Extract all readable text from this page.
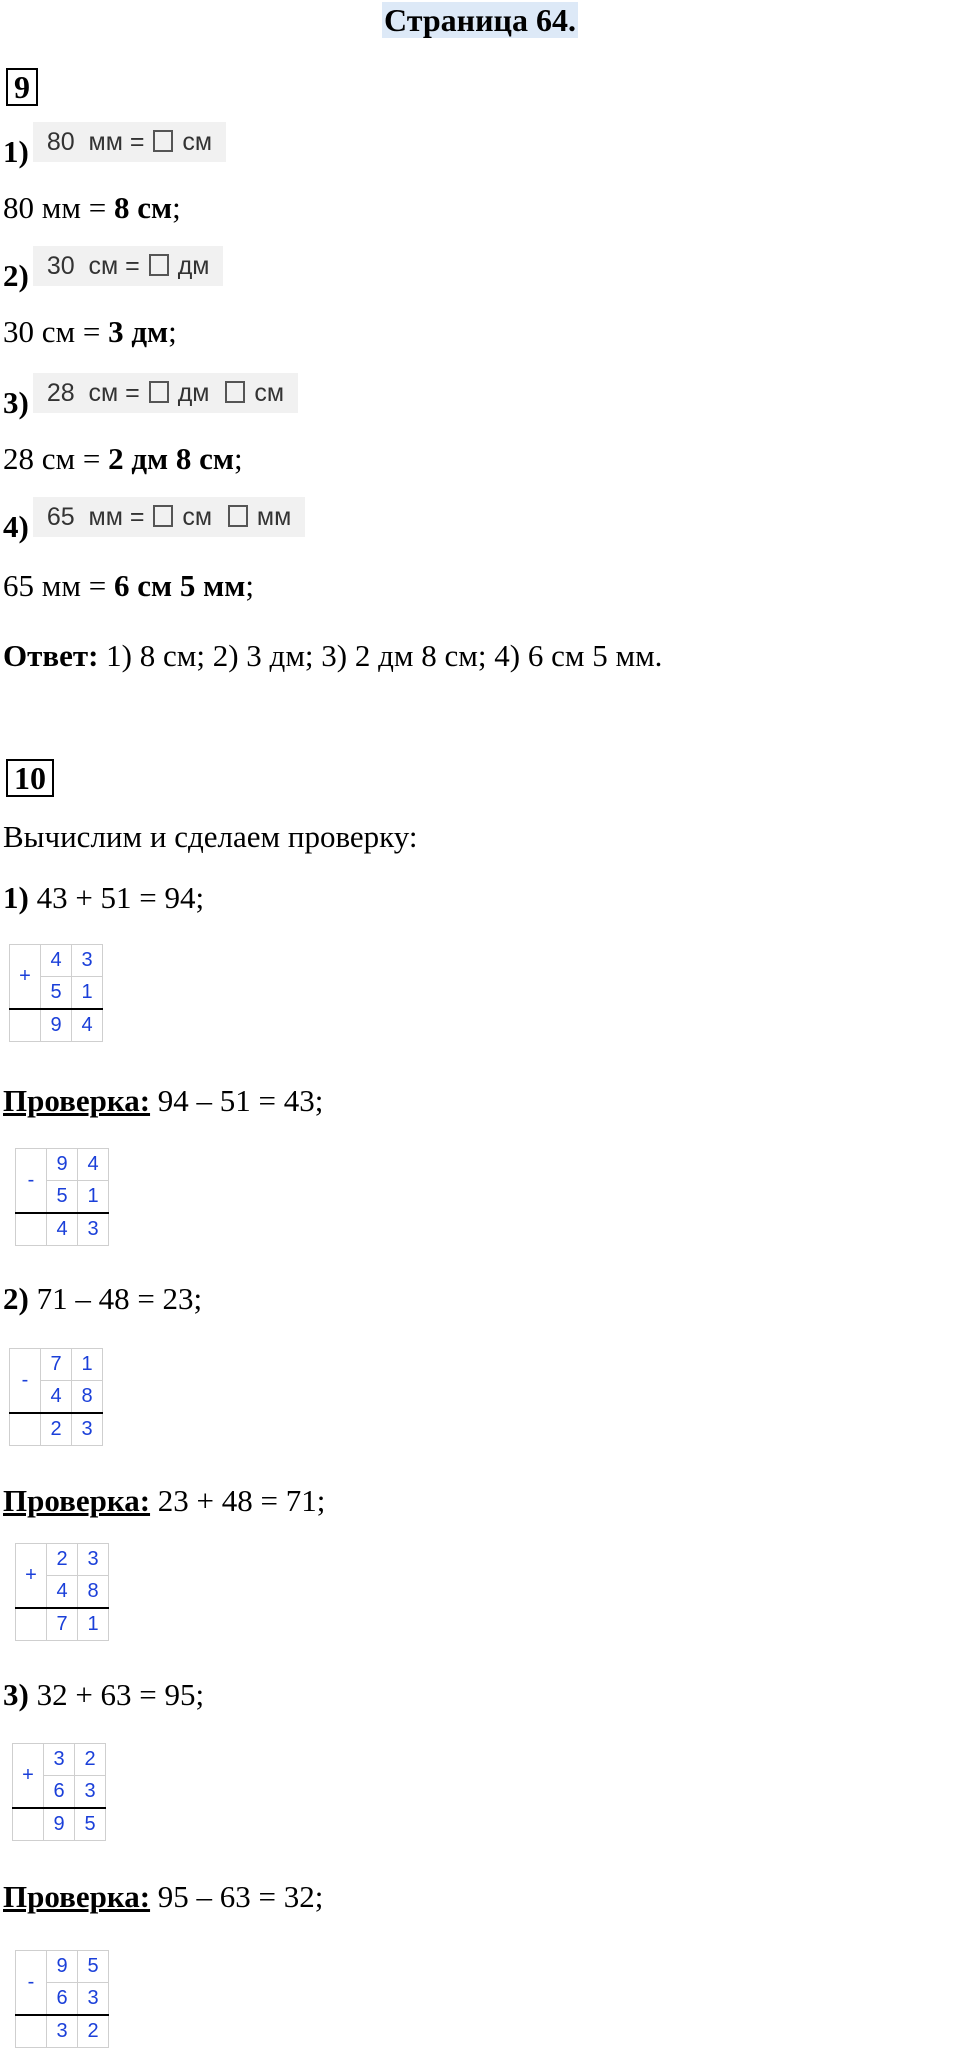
Страница 64.
9
1) 80 мм =  см
80 мм = 8 см;
2) 30 см =  дм
30 см = 3 дм;
3) 28 см =  дм см
28 см = 2 дм 8 см;
4) 65 мм =  см мм
65 мм = 6 см 5 мм;
Ответ: 1) 8 см; 2) 3 дм; 3) 2 дм 8 см; 4) 6 см 5 мм.
10
Вычислим и сделаем проверку:
1) 43 + 51 = 94;
+	4	3
	5	1
	9	4
Проверка: 94 – 51 = 43;
-	9	4
	5	1
	4	3
2) 71 – 48 = 23;
-	7	1
	4	8
	2	3
Проверка: 23 + 48 = 71;
+	2	3
	4	8
	7	1
3) 32 + 63 = 95;
+	3	2
	6	3
	9	5
Проверка: 95 – 63 = 32;
-	9	5
	6	3
	3	2
